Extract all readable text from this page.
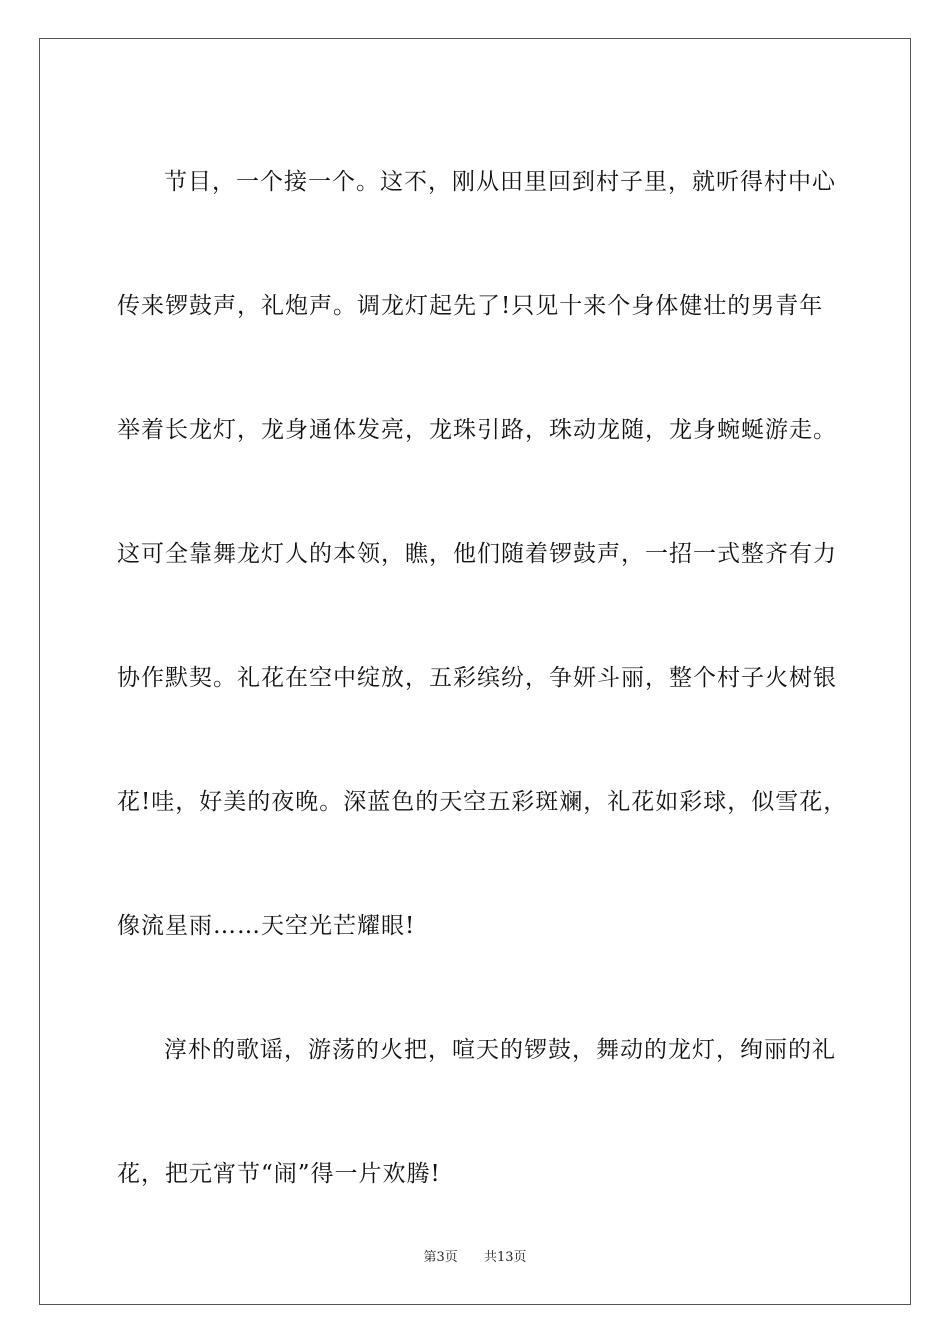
节目，一个接一个。这不，刚从田里回到村子里，就听得村中心

传来锣鼓声，礼炮声。调龙灯起先了!只见十来个身体健壮的男青年

举着长龙灯，龙身通体发亮，龙珠引路，珠动龙随，龙身蜿蜒游走。

这可全靠舞龙灯人的本领，瞧，他们随着锣鼓声，一招一式整齐有力

协作默契。礼花在空中绽放，五彩缤纷，争妍斗丽，整个村子火树银

花!哇，好美的夜晚。深蓝色的天空五彩斑斓，礼花如彩球，似雪花，

像流星雨……天空光芒耀眼!

淳朴的歌谣，游荡的火把，喧天的锣鼓，舞动的龙灯，绚丽的礼

花，把元宵节“闹”得一片欢腾!

第3页 共13页
